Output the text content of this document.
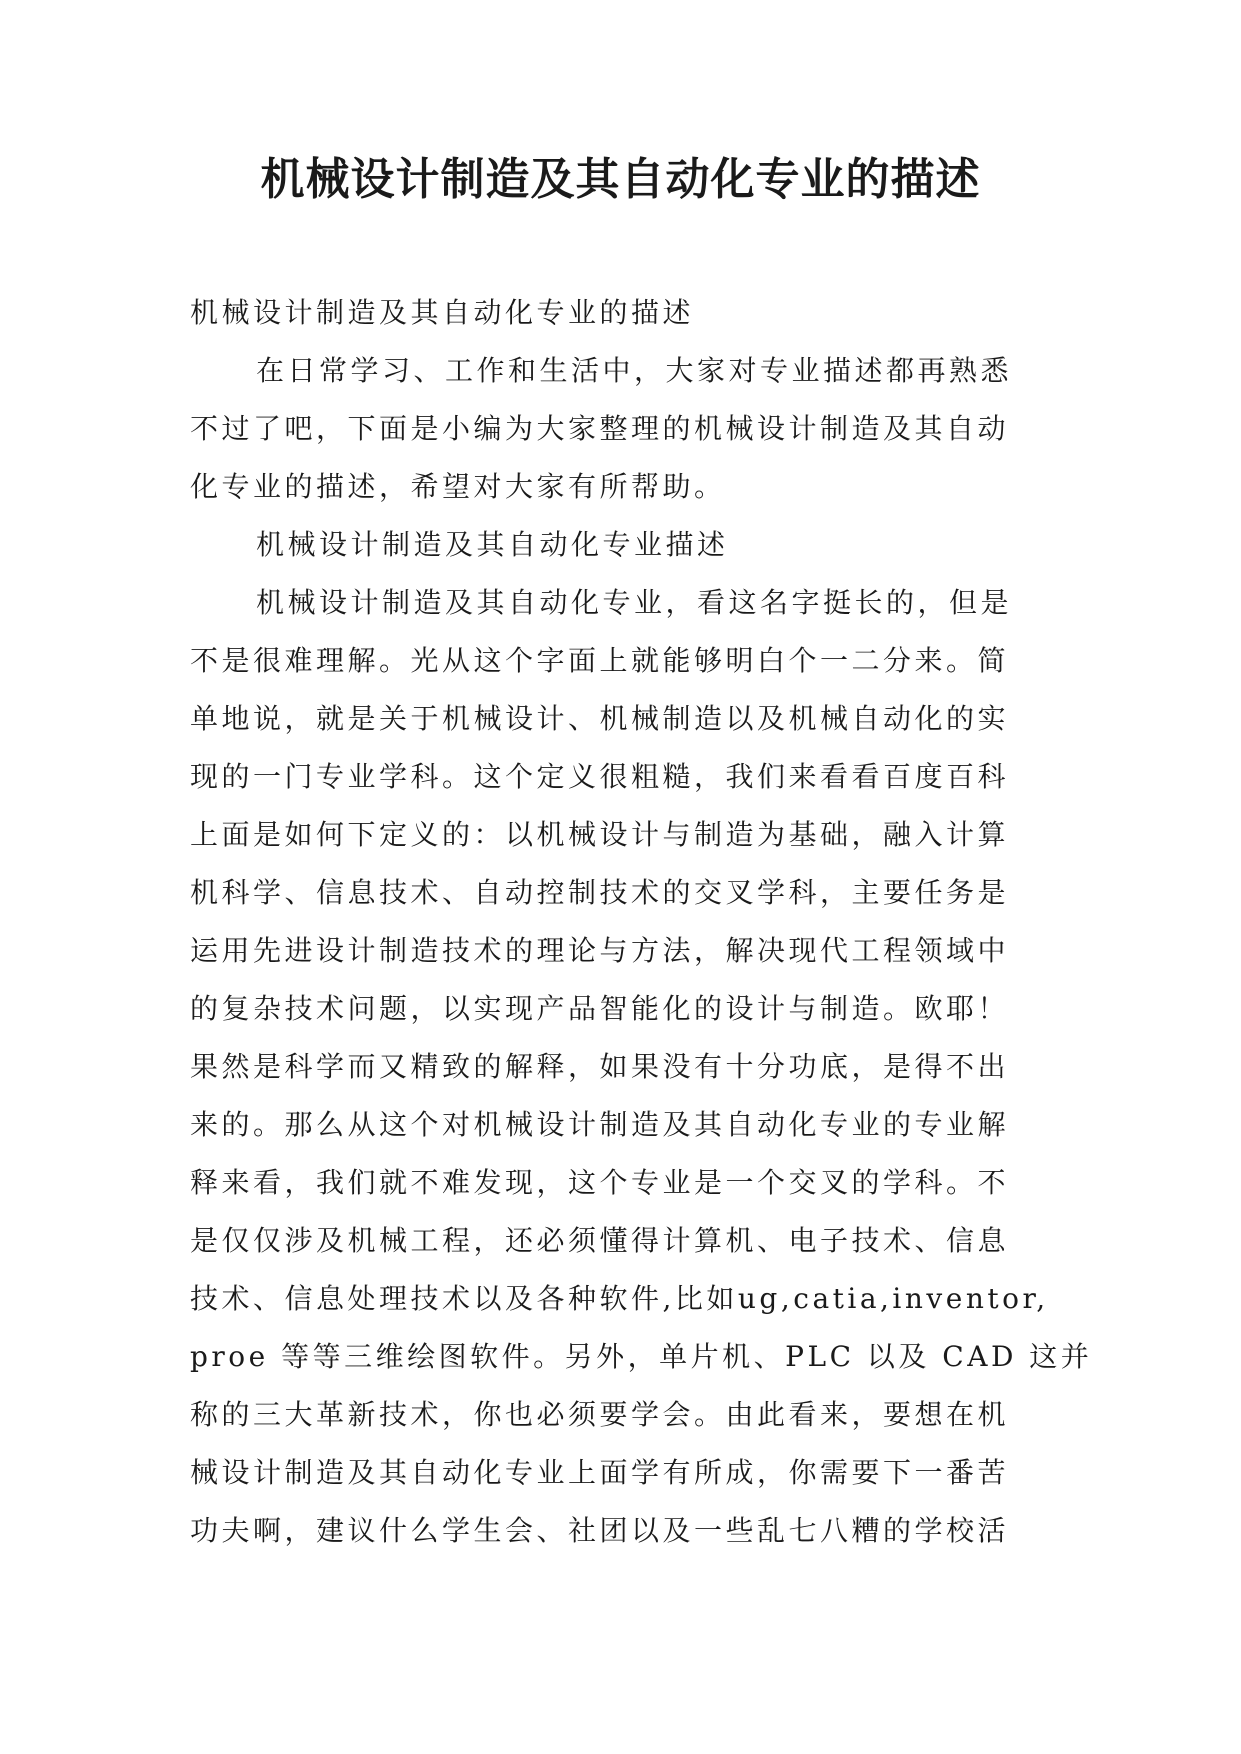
机械设计制造及其自动化专业的描述
机械设计制造及其自动化专业的描述
在日常学习、工作和生活中，大家对专业描述都再熟悉
不过了吧，下面是小编为大家整理的机械设计制造及其自动
化专业的描述，希望对大家有所帮助。
机械设计制造及其自动化专业描述
机械设计制造及其自动化专业，看这名字挺长的，但是
不是很难理解。光从这个字面上就能够明白个一二分来。简
单地说，就是关于机械设计、机械制造以及机械自动化的实
现的一门专业学科。这个定义很粗糙，我们来看看百度百科
上面是如何下定义的：以机械设计与制造为基础，融入计算
机科学、信息技术、自动控制技术的交叉学科，主要任务是
运用先进设计制造技术的理论与方法，解决现代工程领域中
的复杂技术问题，以实现产品智能化的设计与制造。欧耶！
果然是科学而又精致的解释，如果没有十分功底，是得不出
来的。那么从这个对机械设计制造及其自动化专业的专业解
释来看，我们就不难发现，这个专业是一个交叉的学科。不
是仅仅涉及机械工程，还必须懂得计算机、电子技术、信息
技术、信息处理技术以及各种软件,比如ug,catia,inventor,
proe 等等三维绘图软件。另外，单片机、PLC 以及 CAD 这并
称的三大革新技术，你也必须要学会。由此看来，要想在机
械设计制造及其自动化专业上面学有所成，你需要下一番苦
功夫啊，建议什么学生会、社团以及一些乱七八糟的学校活
